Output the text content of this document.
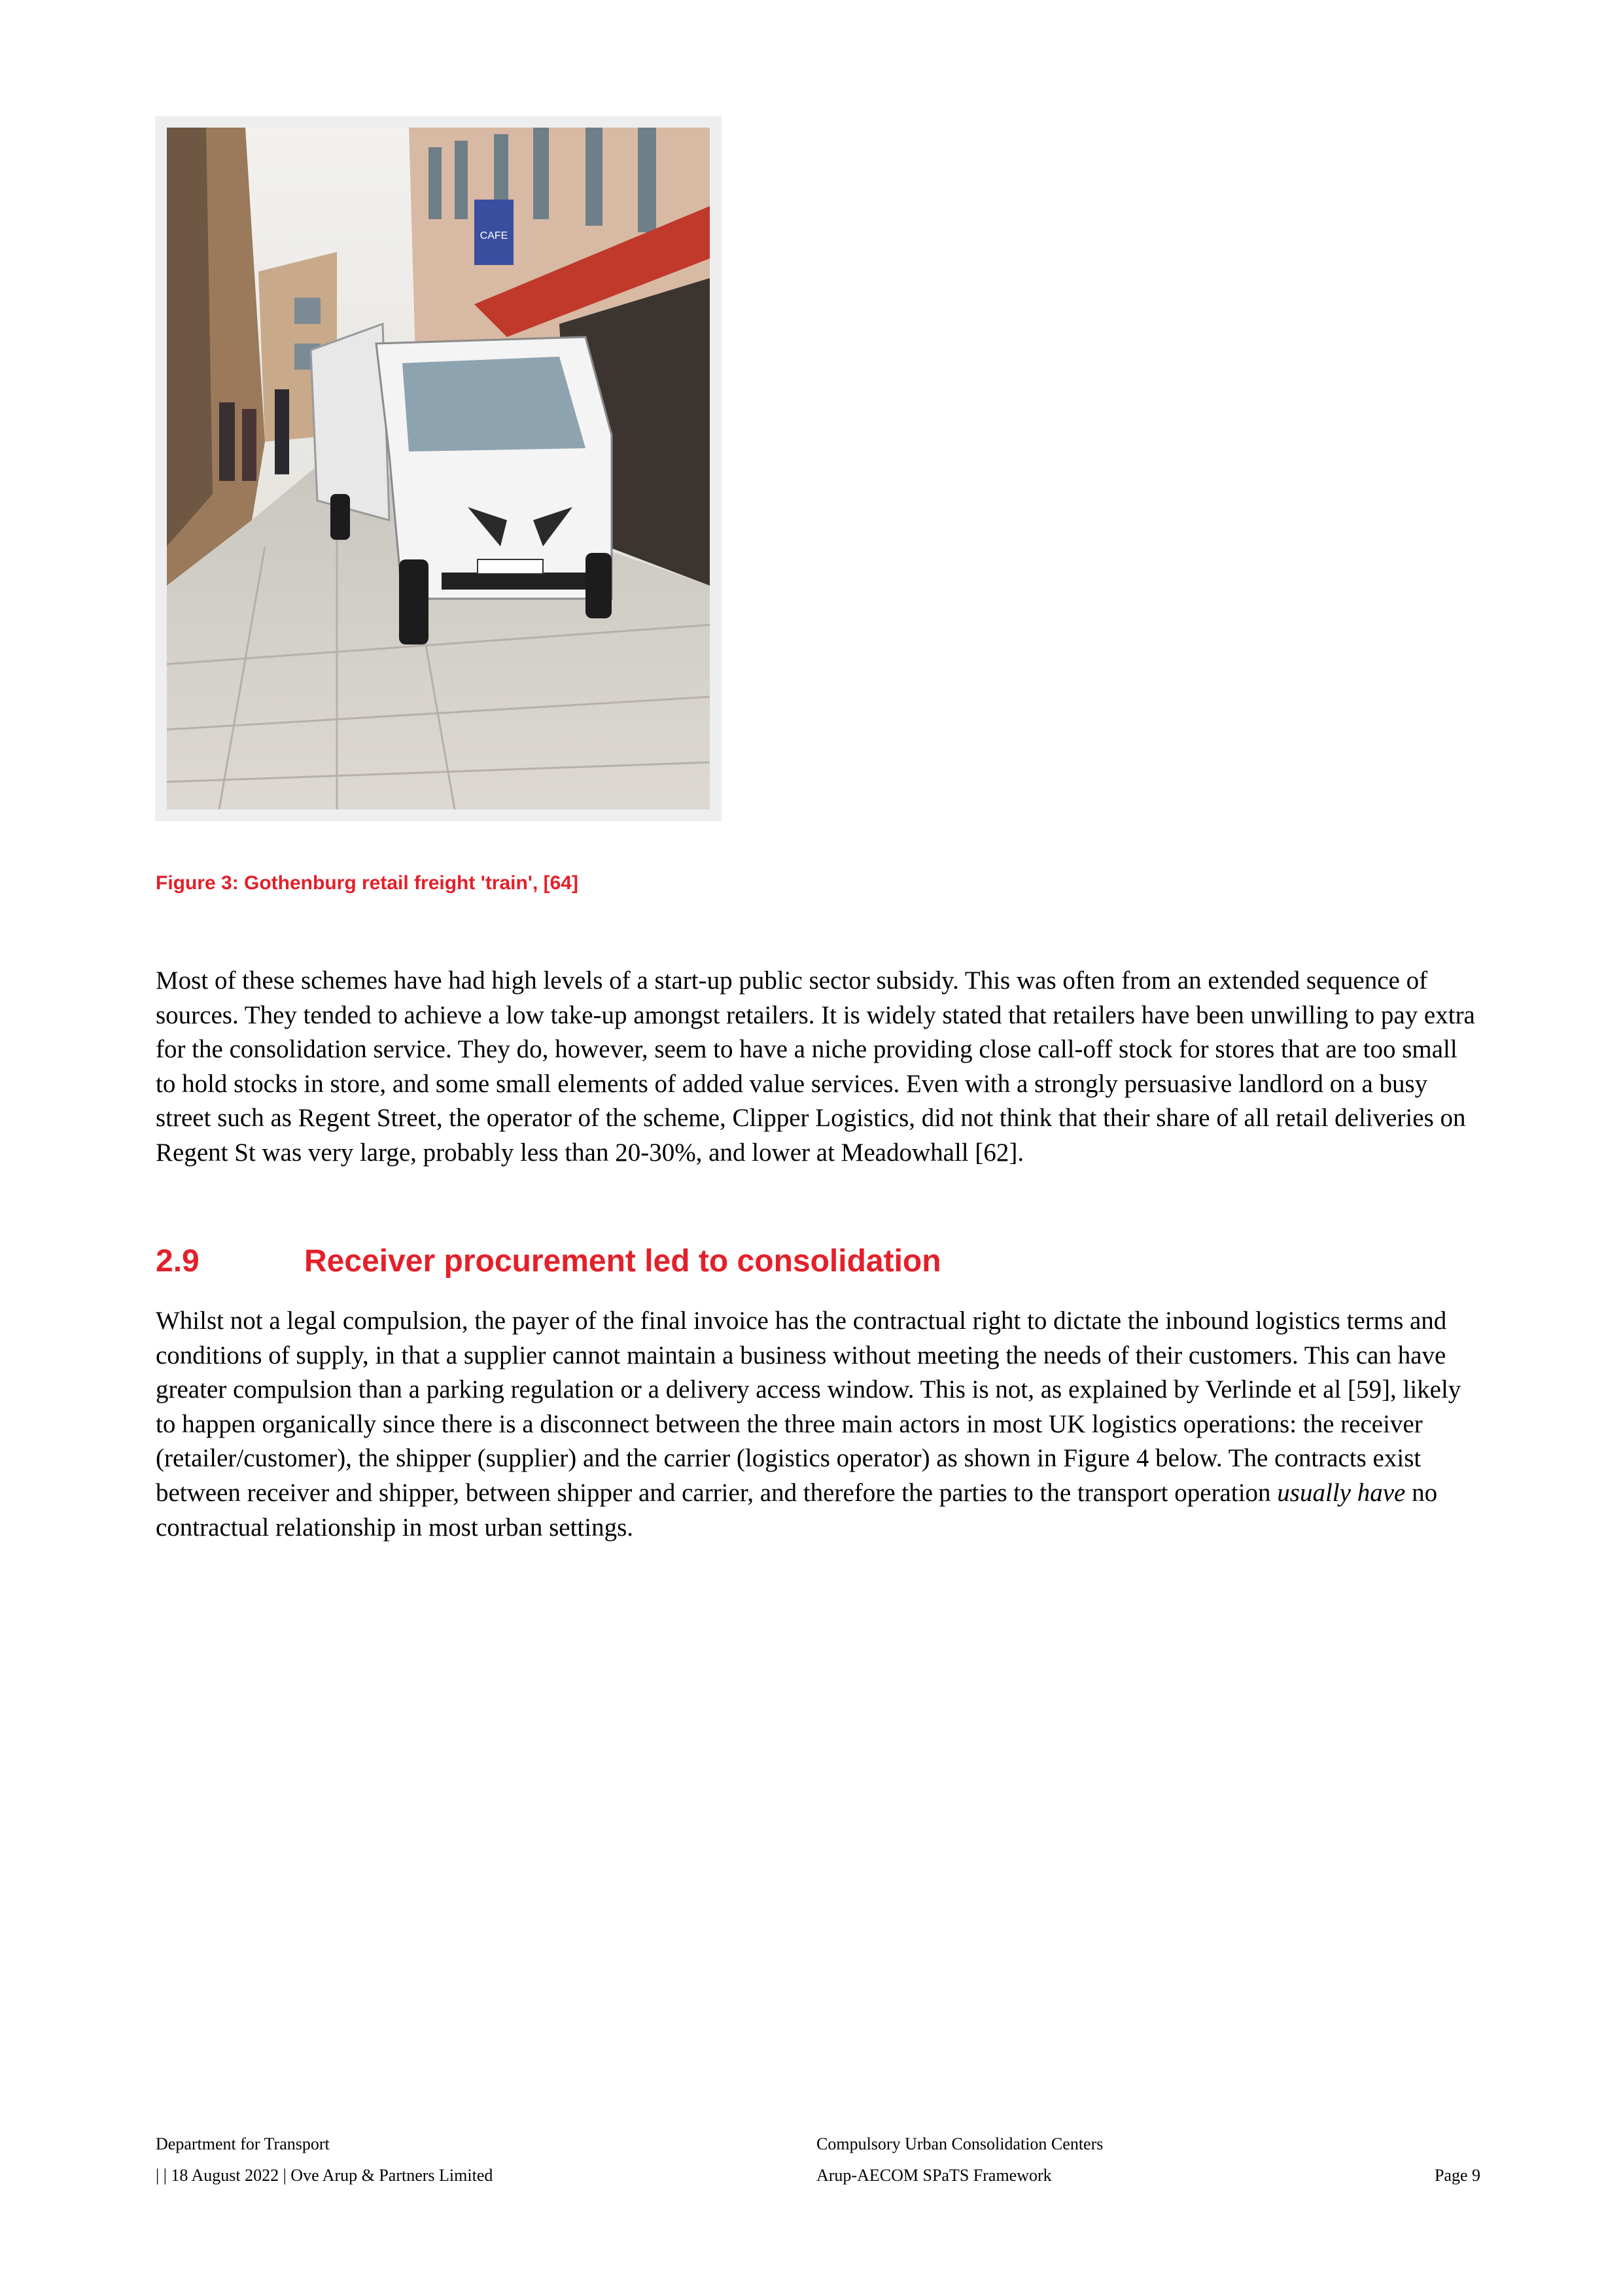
CAFE

Figure 3: Gothenburg retail freight 'train', [64]

Most of these schemes have had high levels of a start-up public sector subsidy. This was often from an extended sequence of sources. They tended to achieve a low take-up amongst retailers. It is widely stated that retailers have been unwilling to pay extra for the consolidation service. They do, however, seem to have a niche providing close call-off stock for stores that are too small to hold stocks in store, and some small elements of added value services. Even with a strongly persuasive landlord on a busy street such as Regent Street, the operator of the scheme, Clipper Logistics, did not think that their share of all retail deliveries on Regent St was very large, probably less than 20-30%, and lower at Meadowhall [62].

2.9	Receiver procurement led to consolidation

Whilst not a legal compulsion, the payer of the final invoice has the contractual right to dictate the inbound logistics terms and conditions of supply, in that a supplier cannot maintain a business without meeting the needs of their customers. This can have greater compulsion than a parking regulation or a delivery access window. This is not, as explained by Verlinde et al [59], likely to happen organically since there is a disconnect between the three main actors in most UK logistics operations: the receiver (retailer/customer), the shipper (supplier) and the carrier (logistics operator) as shown in Figure 4 below. The contracts exist between receiver and shipper, between shipper and carrier, and therefore the parties to the transport operation usually have no contractual relationship in most urban settings.

Department for Transport

| | 18 August 2022 | Ove Arup & Partners Limited

Compulsory Urban Consolidation Centers

Arup-AECOM SPaTS Framework	Page 9
